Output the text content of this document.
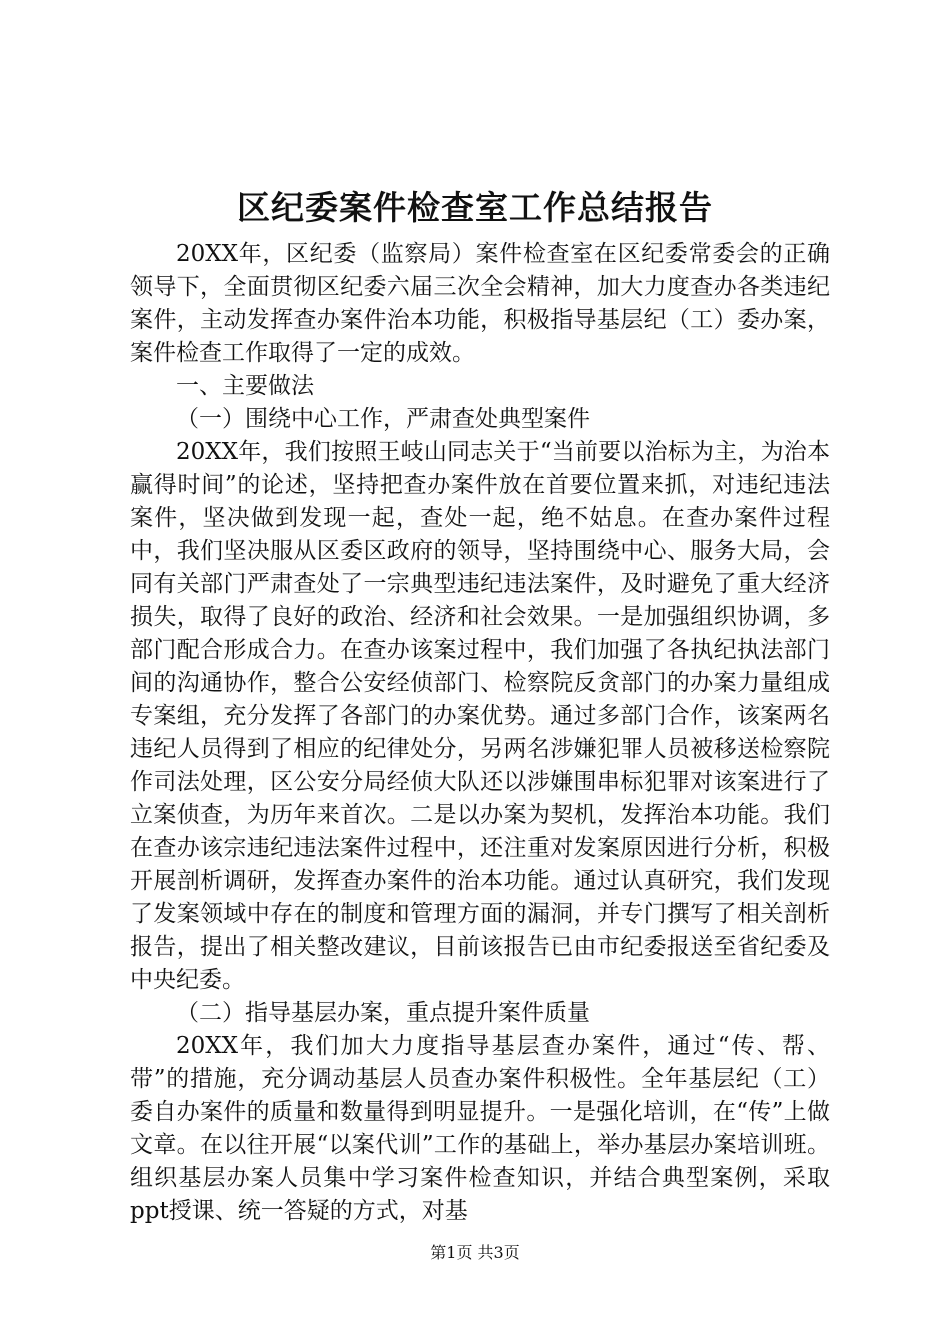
区纪委案件检查室工作总结报告

20XX年，区纪委（监察局）案件检查室在区纪委常委会的正确领导下，全面贯彻区纪委六届三次全会精神，加大力度查办各类违纪案件，主动发挥查办案件治本功能，积极指导基层纪（工）委办案，案件检查工作取得了一定的成效。

一、主要做法

（一）围绕中心工作，严肃查处典型案件

20XX年，我们按照王岐山同志关于“当前要以治标为主，为治本赢得时间”的论述，坚持把查办案件放在首要位置来抓，对违纪违法案件，坚决做到发现一起，查处一起，绝不姑息。在查办案件过程中，我们坚决服从区委区政府的领导，坚持围绕中心、服务大局，会同有关部门严肃查处了一宗典型违纪违法案件，及时避免了重大经济损失，取得了良好的政治、经济和社会效果。一是加强组织协调，多部门配合形成合力。在查办该案过程中，我们加强了各执纪执法部门间的沟通协作，整合公安经侦部门、检察院反贪部门的办案力量组成专案组，充分发挥了各部门的办案优势。通过多部门合作，该案两名违纪人员得到了相应的纪律处分，另两名涉嫌犯罪人员被移送检察院作司法处理，区公安分局经侦大队还以涉嫌围串标犯罪对该案进行了立案侦查，为历年来首次。二是以办案为契机，发挥治本功能。我们在查办该宗违纪违法案件过程中，还注重对发案原因进行分析，积极开展剖析调研，发挥查办案件的治本功能。通过认真研究，我们发现了发案领域中存在的制度和管理方面的漏洞，并专门撰写了相关剖析报告，提出了相关整改建议，目前该报告已由市纪委报送至省纪委及中央纪委。

（二）指导基层办案，重点提升案件质量

20XX年，我们加大力度指导基层查办案件，通过“传、帮、带”的措施，充分调动基层人员查办案件积极性。全年基层纪（工）委自办案件的质量和数量得到明显提升。一是强化培训，在“传”上做文章。在以往开展“以案代训”工作的基础上，举办基层办案培训班。组织基层办案人员集中学习案件检查知识，并结合典型案例，采取ppt授课、统一答疑的方式，对基

第1页 共3页
